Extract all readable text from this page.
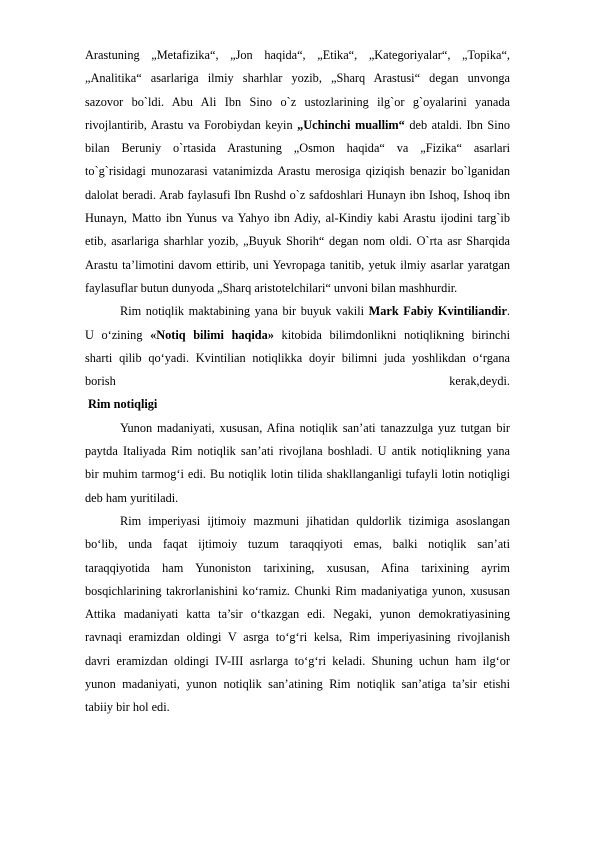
Arastuning „Metafizika“, „Jon haqida“, „Etika“, „Kategoriyalar“, „Topika“,
„Analitika“ asarlariga ilmiy sharhlar yozib, „Sharq Arastusi“ degan unvonga
sazovor bo`ldi. Abu Ali Ibn Sino o`z ustozlarining ilg`or g`oyalarini yanada
rivojlantirib, Arastu va Forobiydan keyin „Uchinchi muallim“ deb ataldi. Ibn Sino
bilan Beruniy o`rtasida Arastuning „Osmon haqida“ va „Fizika“ asarlari
to`g`risidagi munozarasi vatanimizda Arastu merosiga qiziqish benazir bo`lganidan
dalolat beradi. Arab faylasufi Ibn Rushd o`z safdoshlari Hunayn ibn Ishoq, Ishoq ibn
Hunayn, Matto ibn Yunus va Yahyo ibn Adiy, al-Kindiy kabi Arastu ijodini targ`ib
etib, asarlariga sharhlar yozib, „Buyuk Shorih“ degan nom oldi. O`rta asr Sharqida
Arastu ta’limotini davom ettirib, uni Yevropaga tanitib, yetuk ilmiy asarlar yaratgan
faylasuflar butun dunyoda „Sharq aristotelchilari“ unvoni bilan mashhurdir.
Rim notiqlik maktabining yana bir buyuk vakili Mark Fabiy Kvintiliandir.
U o‘zining «Notiq bilimi haqida» kitobida bilimdonlikni notiqlikning birinchi
sharti qilib qo‘yadi. Kvintilian notiqlikka doyir bilimni juda yoshlikdan o‘rgana
borish	kerak,deydi.
Rim notiqligi
Yunon madaniyati, xususan, Afina notiqlik san’ati tanazzulga yuz tutgan bir
paytda Italiyada Rim notiqlik san’ati rivojlana boshladi. U antik notiqlikning yana
bir muhim tarmog‘i edi. Bu notiqlik lotin tilida shakllanganligi tufayli lotin notiqligi
deb ham yuritiladi.
Rim imperiyasi ijtimoiy mazmuni jihatidan quldorlik tizimiga asoslangan
bo‘lib, unda faqat ijtimoiy tuzum taraqqiyoti emas, balki notiqlik san’ati
taraqqiyotida ham Yunoniston tarixining, xususan, Afina tarixining ayrim
bosqichlarining takrorlanishini ko‘ramiz. Chunki Rim madaniyatiga yunon, xususan
Attika madaniyati katta ta’sir o‘tkazgan edi. Negaki, yunon demokratiyasining
ravnaqi eramizdan oldingi V asrga to‘g‘ri kelsa, Rim imperiyasining rivojlanish
davri eramizdan oldingi IV-III asrlarga to‘g‘ri keladi. Shuning uchun ham ilg‘or
yunon madaniyati, yunon notiqlik san’atining Rim notiqlik san’atiga ta’sir etishi
tabiiy bir hol edi.
